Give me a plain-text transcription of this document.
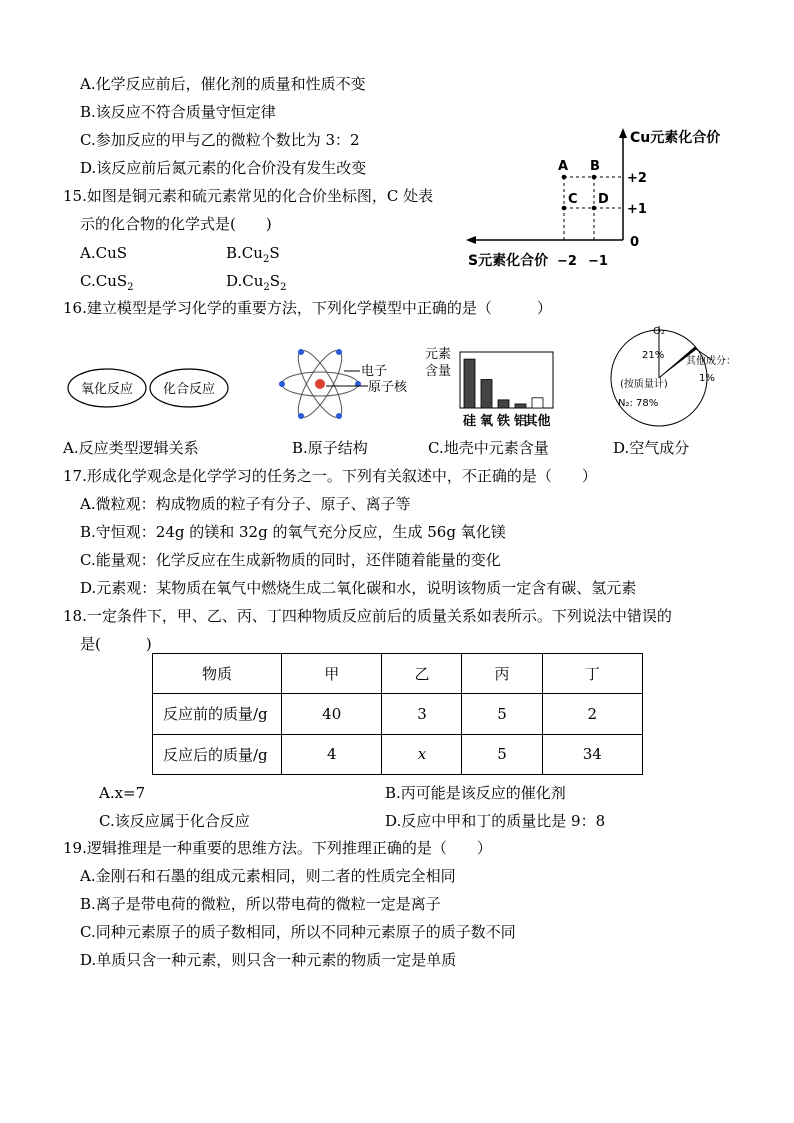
A.化学反应前后，催化剂的质量和性质不变
B.该反应不符合质量守恒定律
C.参加反应的甲与乙的微粒个数比为 3：2
D.该反应前后氮元素的化合价没有发生改变
15.如图是铜元素和硫元素常见的化合价坐标图，C 处表
示的化合物的化学式是(　　)
A.CuS	$B.Cu_2S$
C.CuS$_2$	$D.Cu_2S_2$
Cu元素化合价
S元素化合价 −2 −1
+2
+1
0
A B
C D
16.建立模型是学习化学的重要方法，下列化学模型中正确的是（　　　）
氧化反应 化合反应
电子
原子核
元素
含量
硅 氧 铁 铝
其他
O₂
21%
其他成分：
1%
(按质量计)
N₂: 78%
A.反应类型逻辑关系	B.原子结构	C.地壳中元素含量	D.空气成分
17.形成化学观念是化学学习的任务之一。下列有关叙述中，不正确的是（　　）
A.微粒观：构成物质的粒子有分子、原子、离子等
B.守恒观：24g 的镁和 32g 的氧气充分反应，生成 56g 氧化镁
C.能量观：化学反应在生成新物质的同时，还伴随着能量的变化
D.元素观：某物质在氧气中燃烧生成二氧化碳和水，说明该物质一定含有碳、氢元素
18.一定条件下，甲、乙、丙、丁四种物质反应前后的质量关系如表所示。下列说法中错误的
是(　　　)
物质	甲	乙	丙	丁
反应前的质量/g	40	3	5	2
反应后的质量/g	4	x	5	34
A.x=7	B.丙可能是该反应的催化剂
C.该反应属于化合反应	D.反应中甲和丁的质量比是 9：8
19.逻辑推理是一种重要的思维方法。下列推理正确的是（　　）
A.金刚石和石墨的组成元素相同，则二者的性质完全相同
B.离子是带电荷的微粒，所以带电荷的微粒一定是离子
C.同种元素原子的质子数相同，所以不同种元素原子的质子数不同
D.单质只含一种元素，则只含一种元素的物质一定是单质
